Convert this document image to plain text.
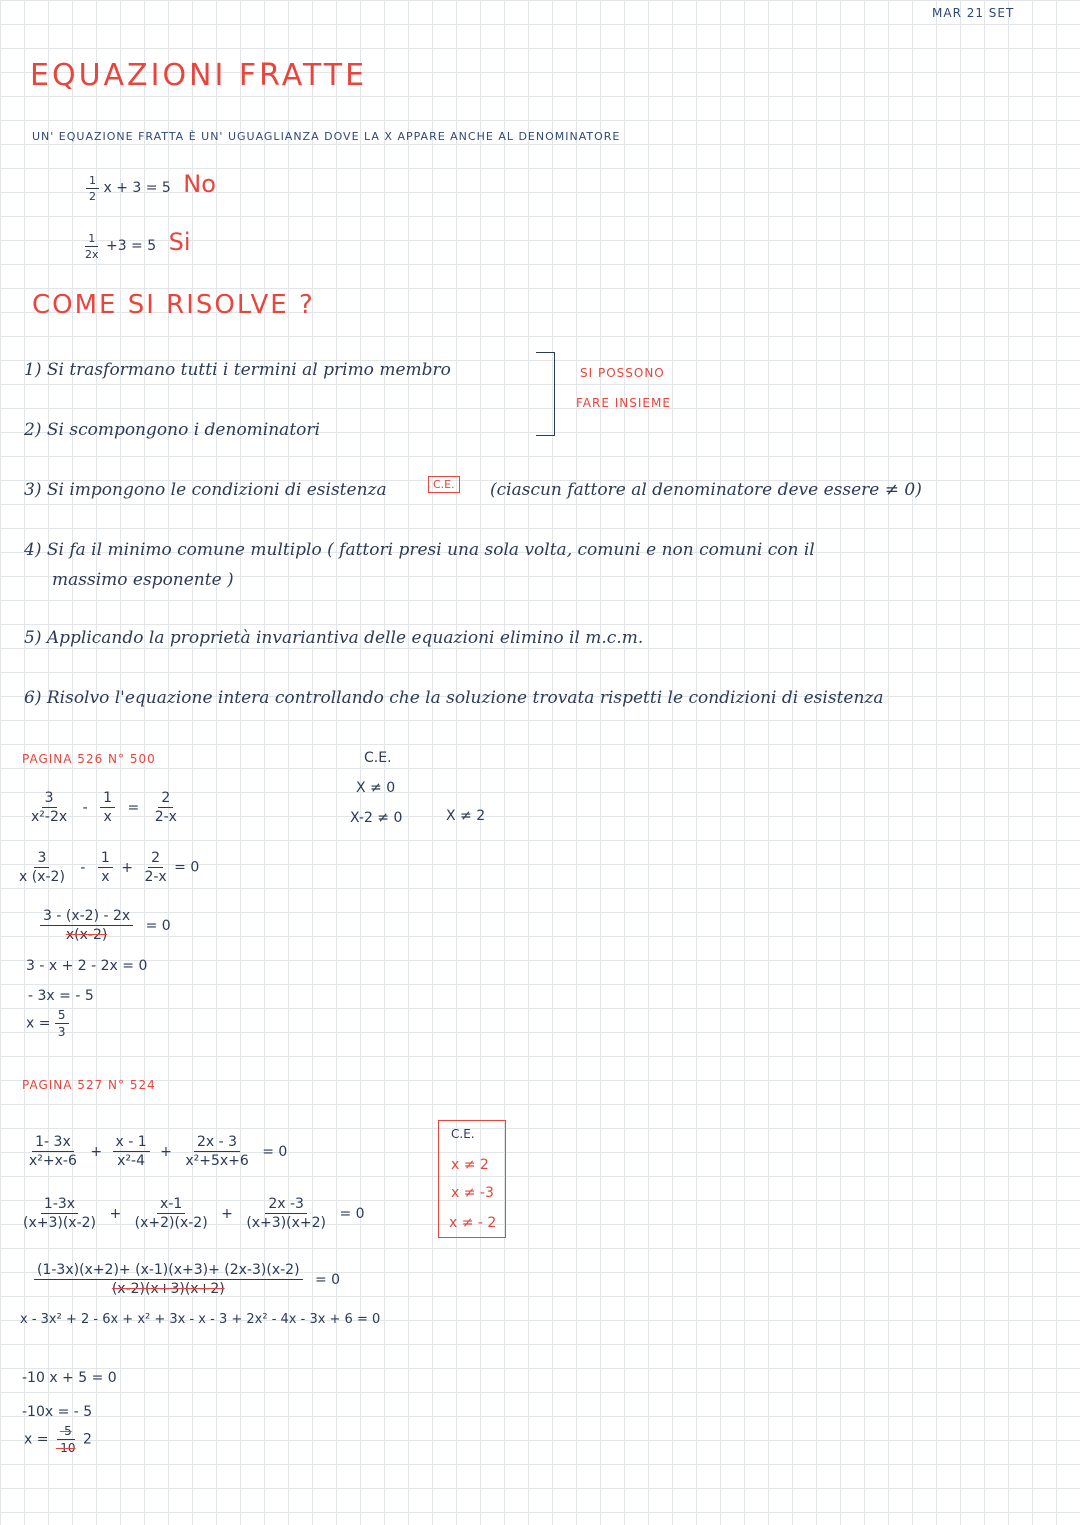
MAR 21 SET
EQUAZIONI FRATTE
UN' EQUAZIONE FRATTA È UN' UGUAGLIANZA DOVE LA X APPARE ANCHE AL DENOMINATORE
$\frac{1}{2}$ x + 3 = 5 No
$\frac{1}{2x} +3 = 5$ Si
COME SI RISOLVE ?
1) Si trasformano tutti i termini al primo membro	SI POSSONO
FARE INSIEME
2) Si scompongono i denominatori
3) Si impongono le condizioni di esistenza	C.E. (ciascun fattore al denominatore deve essere ≠ 0)
4) Si fa il minimo comune multiplo ( fattori presi una sola volta, comuni e non comuni con il
massimo esponente )
5) Applicando la proprietà invariantiva delle equazioni elimino il m.c.m.
6) Risolvo l'equazione intera controllando che la soluzione trovata rispetti le condizioni di esistenza
PAGINA 526 N° 500	C.E.
X ≠ 0
X-2 ≠ 0	X ≠ 2
$\frac{3}{\text{x²-2x}} - \frac{1}{x} = \frac{2}{2-x}$
$\frac{3}{x (x-2)} - \frac{1}{x} + \frac{2}{2-x} = 0$
$\frac{3 - (x-2) - 2x}{x(x-2)} = 0$
3 - x + 2 - 2x = 0
- 3x = - 5
$x = \frac{5}{3}$
PAGINA 527 N° 524
C.E.
x ≠ 2
x ≠ -3
x ≠ - 2
$\frac{1- 3x}{\text{x²+x-6}} + \frac{x - 1}{\text{x²-4}} + \frac{2x - 3}{\text{x²+5x+6}} = 0$
$\frac{1-3x}{(x+3)(x-2)} + \frac{x-1}{(x+2)(x-2)} + \frac{2x -3}{(x+3)(x+2)} = 0$
$\frac{(1-3x)(x+2)+ (x-1)(x+3)+ (2x-3)(x-2)}{(x-2)(x+3)(x+2)} = 0$
x - 3x² + 2 - 6x + x² + 3x - x - 3 + 2x² - 4x - 3x + 6 = 0
-10 x + 5 = 0
-10x = - 5
$x = \frac{-5}{-10} 2$
